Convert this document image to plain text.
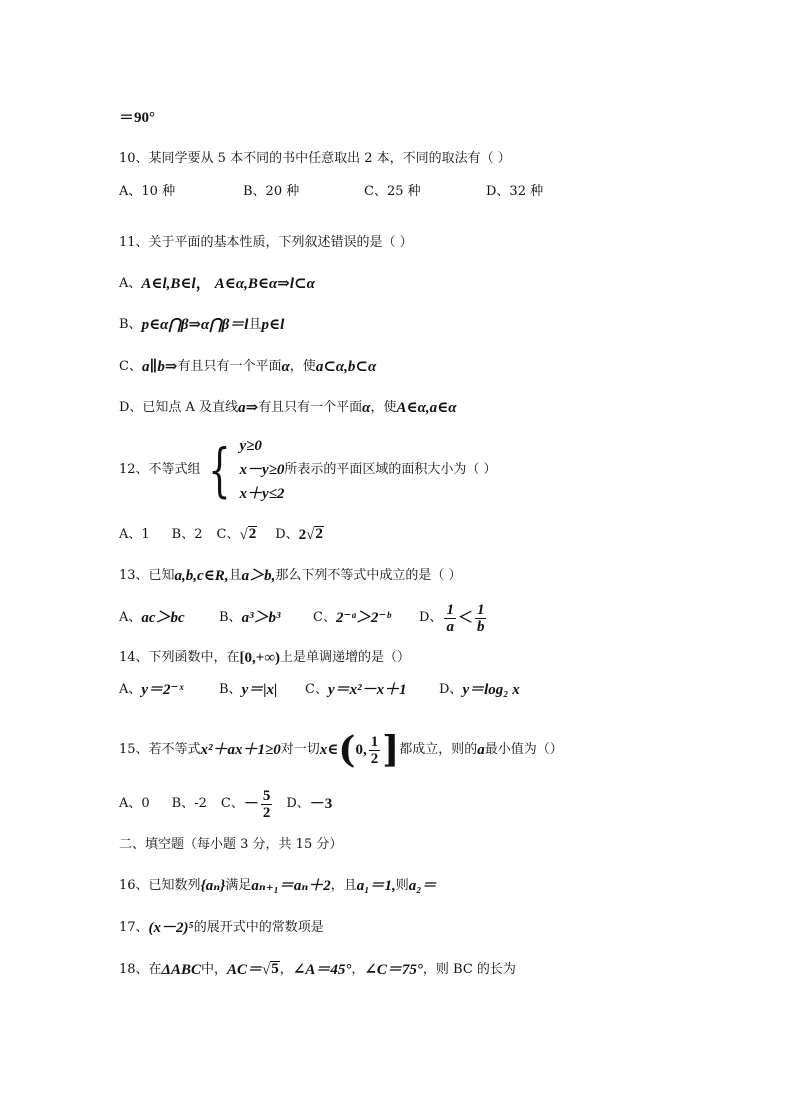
＝90°
10、某同学要从 5 本不同的书中任意取出 2 本，不同的取法有（ ）
A、10 种	B、20 种	C、25 种	D、32 种
11、关于平面的基本性质，下列叙述错误的是（ ）
A、 A∈l,B∈l ， A∈α,B∈α⇒l⊂α
B、 p∈α⋂β⇒α⋂β＝l 且 p∈l
C、 a∥b⇒ 有且只有一个平面 α ，使 a⊂α,b⊂α
D、已知点 A 及直线 a ⇒ 有且只有一个平面 α ，使 A∈α,a∈α
12、不等式组 { y≥0
x－y≥0
x＋y≤2
所表示的平面区域的面积大小为（ ）
A、1 B、2 C、 √ 2 D、 2 √ 2
13、已知 a,b,c∈R, 且 a＞b, 那么下列不等式中成立的是（ ）
A、 ac＞bc	B、 a³＞b³ C、 2⁻ᵃ＞2⁻ᵇ D、 $\frac{1}{a} < \frac{1}{b}$
14、下列函数中，在 [0,+∞) 上是单调递增的是（）
A、 y＝2⁻ˣ	B、 y＝|x| C、 y＝x²－x＋1 D、 y＝log₂ x
15、若不等式 x²＋ax＋1≥0 对一切 x∈ ( 0, $\frac{1}{2}$ ] 都成立，则的 a 最小值为（）
A、0 B、-2 C、 － $\frac{5}{2}$ D、 －3
二、填空题（每小题 3 分，共 15 分）
16、已知数列 {aₙ} 满足 aₙ₊₁＝aₙ＋2 ，且 a₁＝1, 则 a₂＝
17、 (x－2)⁵ 的展开式中的常数项是
18、在 ΔABC 中， AC＝ √ 5 ， ∠A＝45° ， ∠C＝75° ，则 BC 的长为
